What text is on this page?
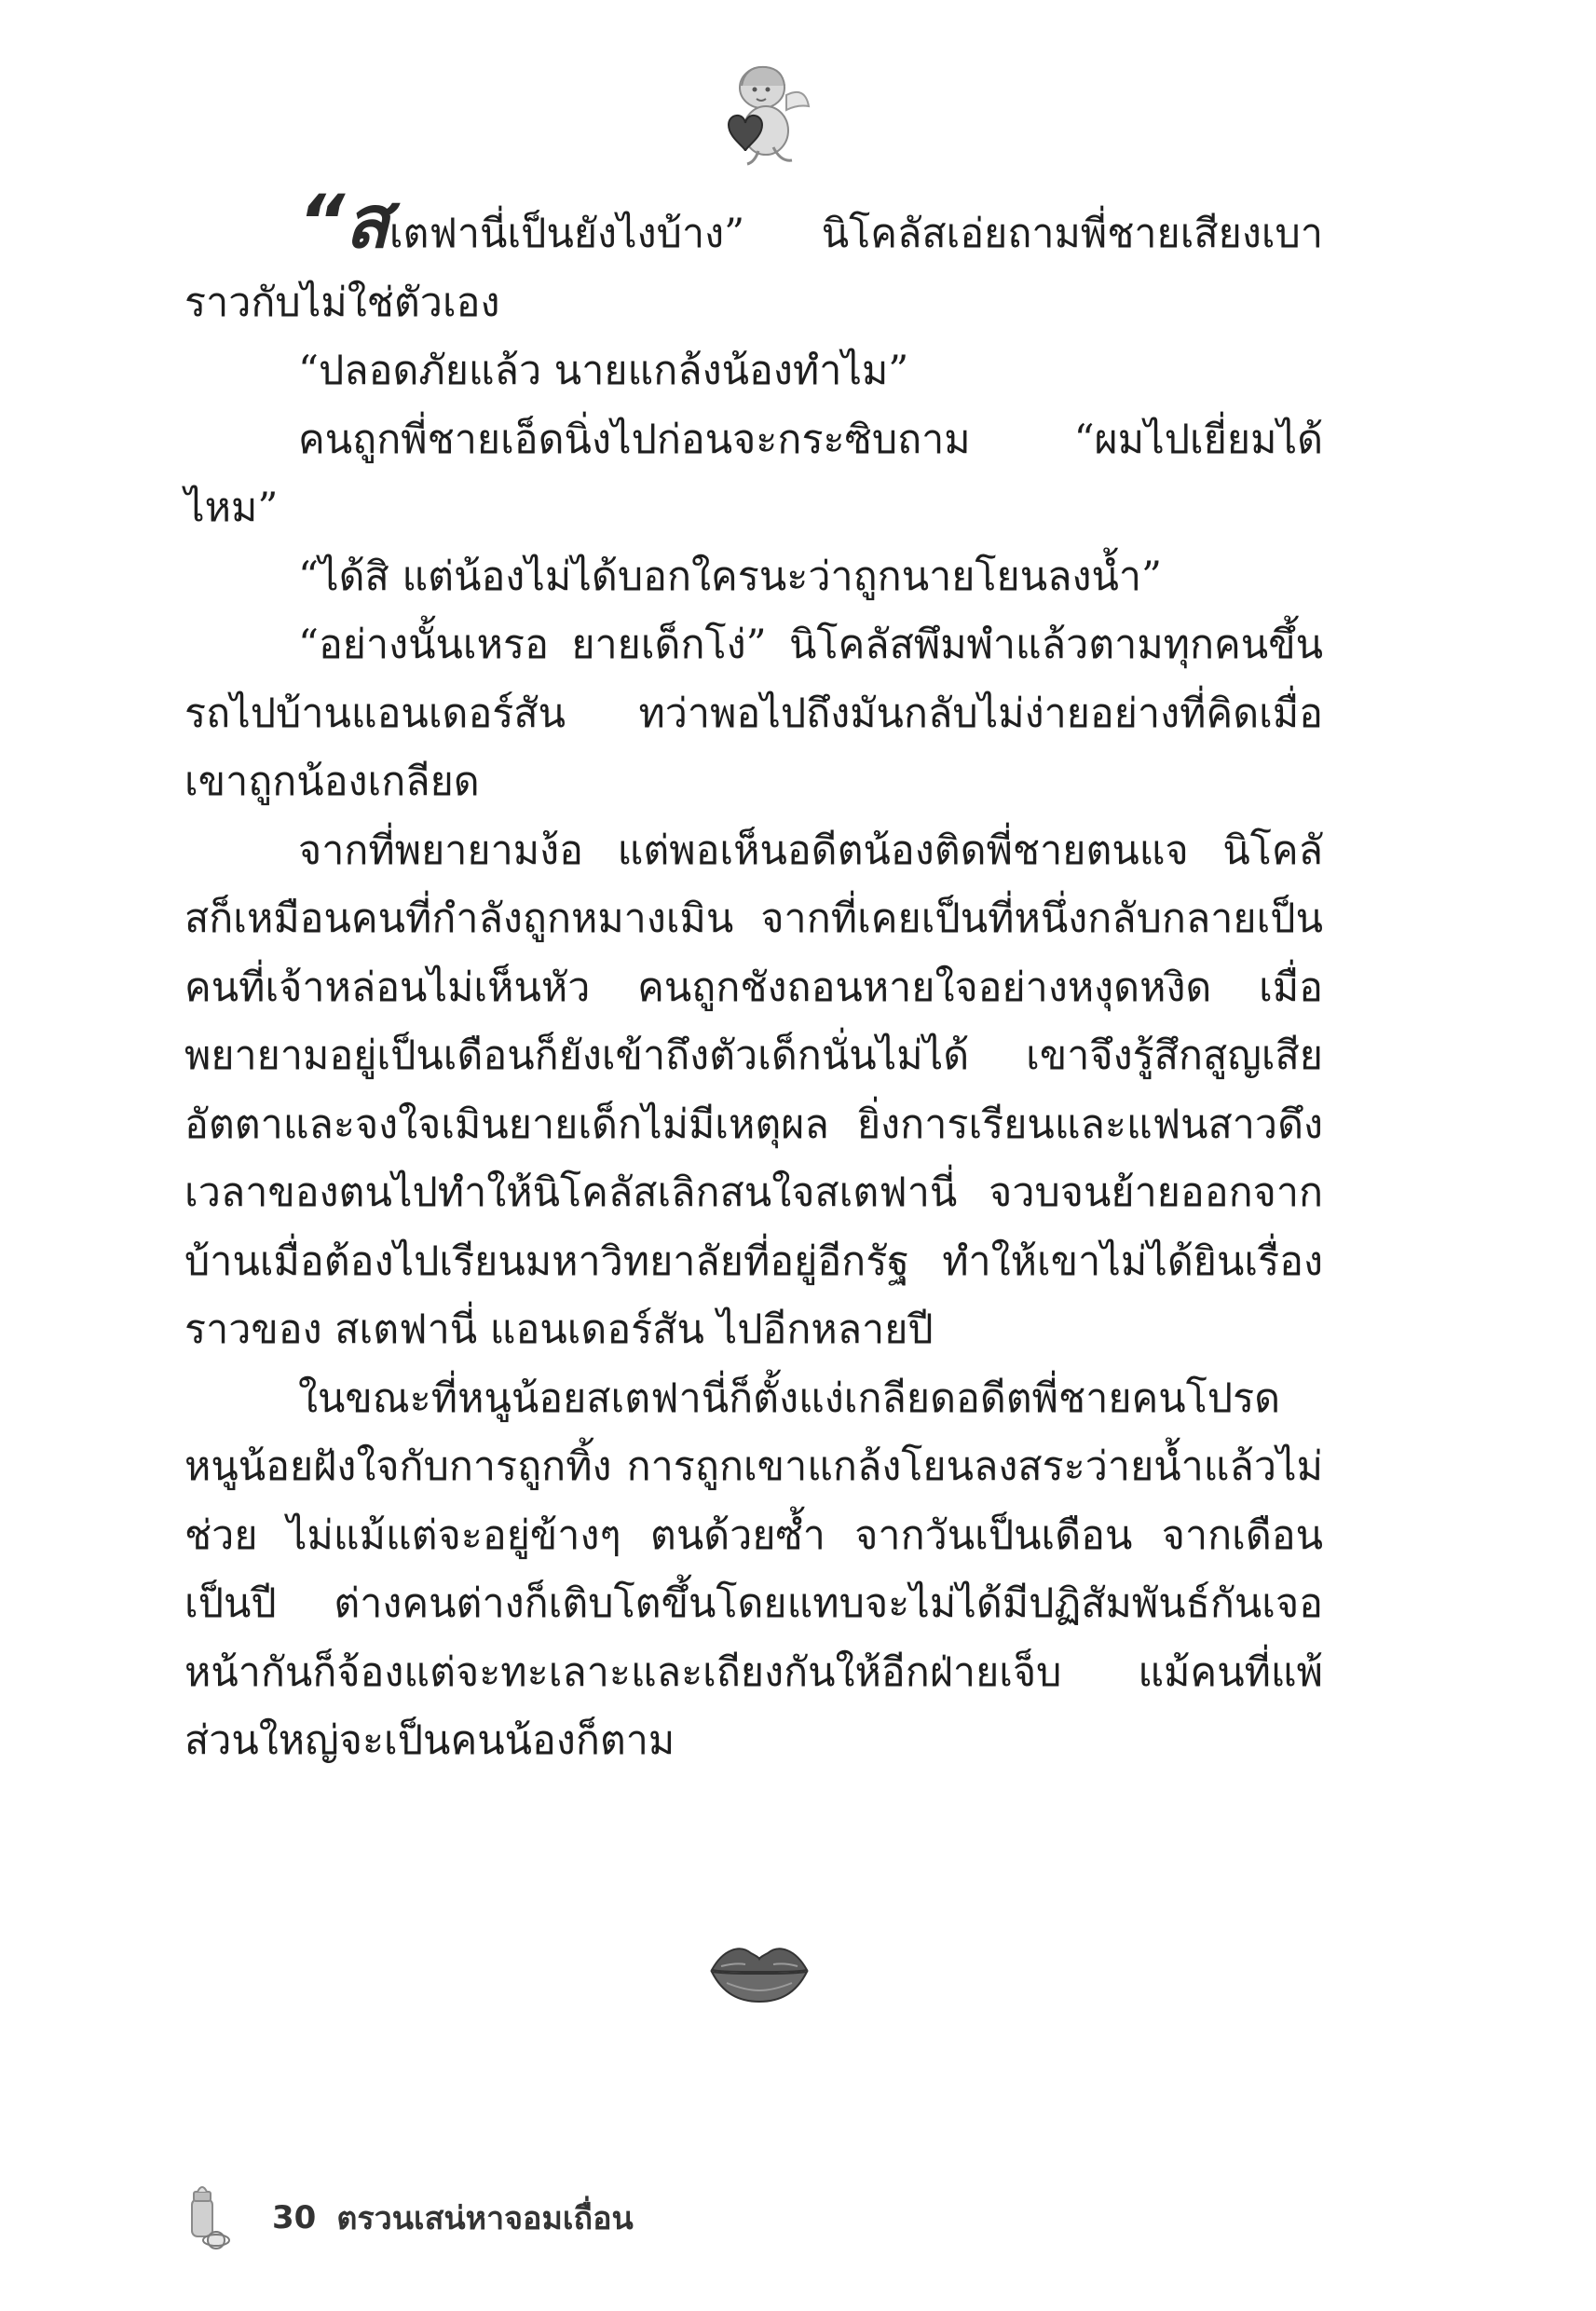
“สเตฟานี่เป็นยังไงบ้าง” นิโคลัสเอ่ยถามพี่ชายเสียงเบาราวกับไม่ใช่ตัวเอง

“ปลอดภัยแล้ว นายแกล้งน้องทำไม”

คนถูกพี่ชายเอ็ดนิ่งไปก่อนจะกระซิบถาม “ผมไปเยี่ยมได้ไหม”

“ได้สิ แต่น้องไม่ได้บอกใครนะว่าถูกนายโยนลงน้ำ”

“อย่างนั้นเหรอ ยายเด็กโง่” นิโคลัสพึมพำแล้วตามทุกคนขึ้นรถไปบ้านแอนเดอร์สัน ทว่าพอไปถึงมันกลับไม่ง่ายอย่างที่คิดเมื่อเขาถูกน้องเกลียด

จากที่พยายามง้อ แต่พอเห็นอดีตน้องติดพี่ชายตนแจ นิโคลัสก็เหมือนคนที่กำลังถูกหมางเมิน จากที่เคยเป็นที่หนึ่งกลับกลายเป็นคนที่เจ้าหล่อนไม่เห็นหัว คนถูกชังถอนหายใจอย่างหงุดหงิด เมื่อพยายามอยู่เป็นเดือนก็ยังเข้าถึงตัวเด็กนั่นไม่ได้ เขาจึงรู้สึกสูญเสียอัตตาและจงใจเมินยายเด็กไม่มีเหตุผล ยิ่งการเรียนและแฟนสาวดึงเวลาของตนไปทำให้นิโคลัสเลิกสนใจสเตฟานี่ จวบจนย้ายออกจากบ้านเมื่อต้องไปเรียนมหาวิทยาลัยที่อยู่อีกรัฐ ทำให้เขาไม่ได้ยินเรื่องราวของ สเตฟานี่ แอนเดอร์สัน ไปอีกหลายปี

ในขณะที่หนูน้อยสเตฟานี่ก็ตั้งแง่เกลียดอดีตพี่ชายคนโปรดหนูน้อยฝังใจกับการถูกทิ้ง การถูกเขาแกล้งโยนลงสระว่ายน้ำแล้วไม่ช่วย ไม่แม้แต่จะอยู่ข้างๆ ตนด้วยซ้ำ จากวันเป็นเดือน จากเดือนเป็นปี ต่างคนต่างก็เติบโตขึ้นโดยแทบจะไม่ได้มีปฏิสัมพันธ์กันเจอหน้ากันก็จ้องแต่จะทะเลาะและเถียงกันให้อีกฝ่ายเจ็บ แม้คนที่แพ้ส่วนใหญ่จะเป็นคนน้องก็ตาม

30 ตรวนเสน่หาจอมเถื่อน
